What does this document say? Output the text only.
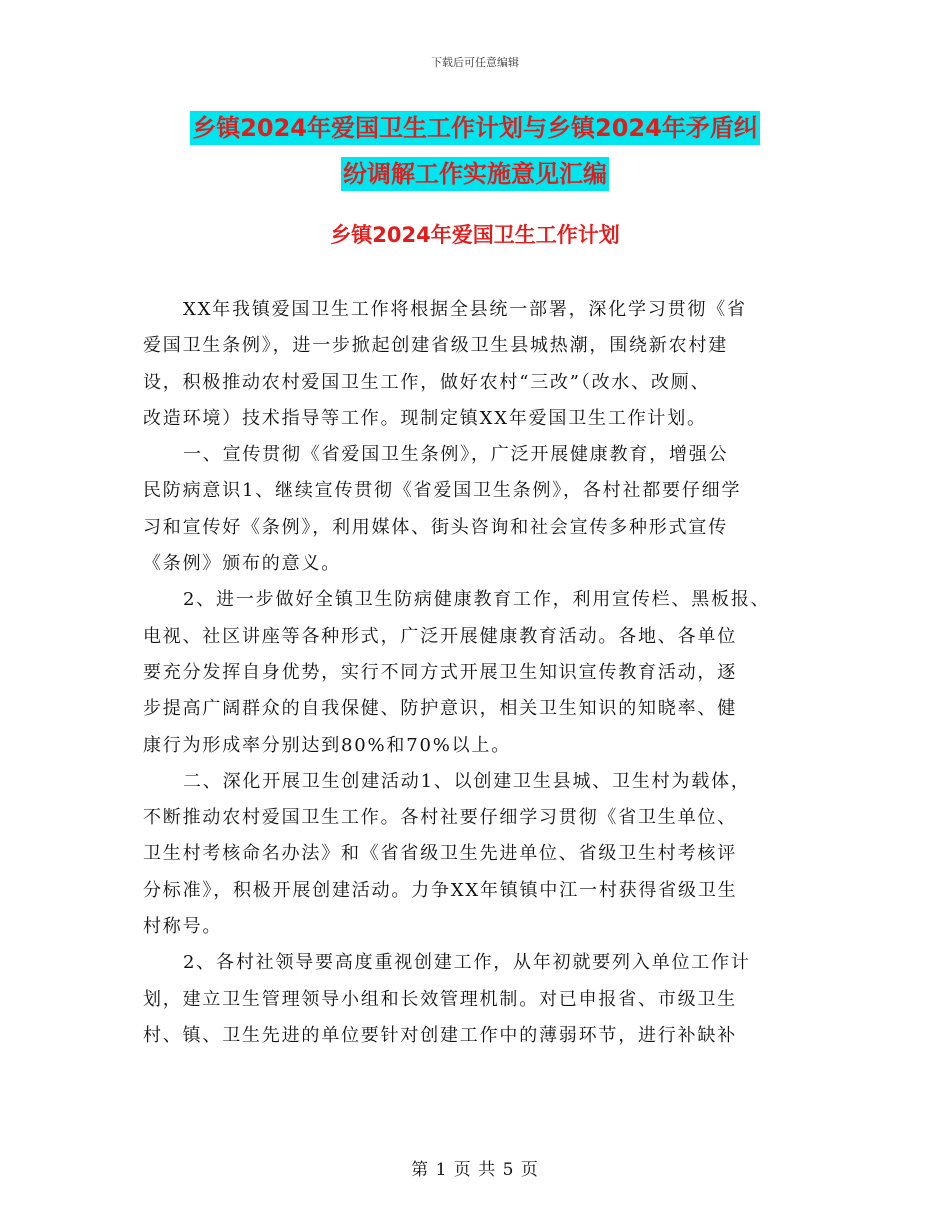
下载后可任意编辑
乡镇2024年爱国卫生工作计划与乡镇2024年矛盾纠
纷调解工作实施意见汇编
乡镇2024年爱国卫生工作计划
XX年我镇爱国卫生工作将根据全县统一部署，深化学习贯彻《省
爱国卫生条例》，进一步掀起创建省级卫生县城热潮，围绕新农村建
设，积极推动农村爱国卫生工作，做好农村“三改”（改水、改厕、
改造环境）技术指导等工作。现制定镇XX年爱国卫生工作计划。
一、宣传贯彻《省爱国卫生条例》，广泛开展健康教育，增强公
民防病意识1、继续宣传贯彻《省爱国卫生条例》，各村社都要仔细学
习和宣传好《条例》，利用媒体、街头咨询和社会宣传多种形式宣传
《条例》颁布的意义。
2、进一步做好全镇卫生防病健康教育工作，利用宣传栏、黑板报、
电视、社区讲座等各种形式，广泛开展健康教育活动。各地、各单位
要充分发挥自身优势，实行不同方式开展卫生知识宣传教育活动，逐
步提高广阔群众的自我保健、防护意识，相关卫生知识的知晓率、健
康行为形成率分别达到80%和70%以上。
二、深化开展卫生创建活动1、以创建卫生县城、卫生村为载体，
不断推动农村爱国卫生工作。各村社要仔细学习贯彻《省卫生单位、
卫生村考核命名办法》和《省省级卫生先进单位、省级卫生村考核评
分标准》，积极开展创建活动。力争XX年镇镇中江一村获得省级卫生
村称号。
2、各村社领导要高度重视创建工作，从年初就要列入单位工作计
划，建立卫生管理领导小组和长效管理机制。对已申报省、市级卫生
村、镇、卫生先进的单位要针对创建工作中的薄弱环节，进行补缺补
第 1 页 共 5 页
